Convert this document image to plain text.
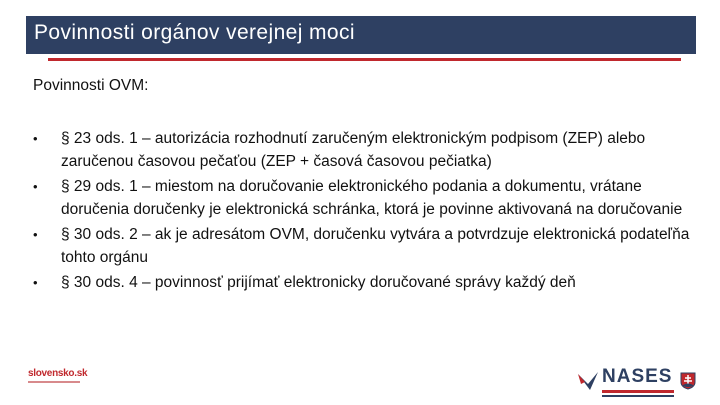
Povinnosti orgánov verejnej moci
Povinnosti OVM:
•	§ 23 ods. 1 – autorizácia rozhodnutí zaručeným elektronickým podpisom (ZEP) alebo zaručenou časovou pečaťou (ZEP + časová časovou pečiatka)
•	§ 29 ods. 1 – miestom na doručovanie elektronického podania a dokumentu, vrátane doručenia doručenky je elektronická schránka, ktorá je povinne aktivovaná na doručovanie
•	§ 30 ods. 2 – ak je adresátom OVM, doručenku vytvára a potvrdzuje elektronická podateľňa tohto orgánu
•	§ 30 ods. 4 – povinnosť prijímať elektronicky doručované správy každý deň
slovensko.sk	NASES
